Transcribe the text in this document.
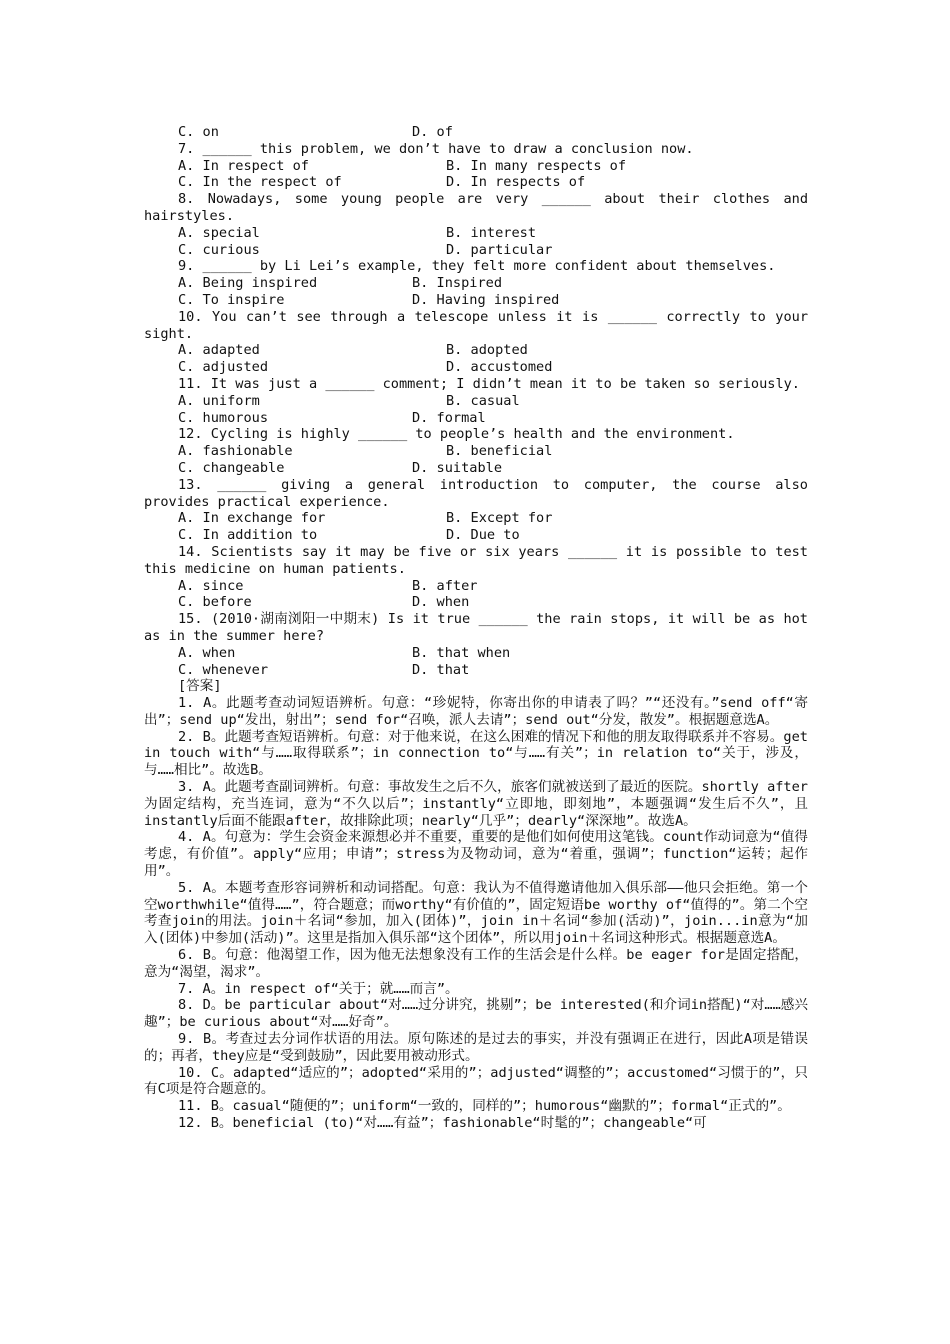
C. on	D. of

7. ______ this problem, we don’t have to draw a conclusion now.

A. In respect of	B. In many respects of
C. In the respect of	D. In respects of

8. Nowadays, some young people are very ______ about their clothes and hairstyles.

A. special	B. interest
C. curious	D. particular

9. ______ by Li Lei’s example, they felt more confident about themselves.

A. Being inspired	B. Inspired
C. To inspire	D. Having inspired

10. You can’t see through a telescope unless it is ______ correctly to your sight.

A. adapted	B. adopted
C. adjusted	D. accustomed

11. It was just a ______ comment; I didn’t mean it to be taken so seriously.

A. uniform	B. casual
C. humorous	D. formal

12. Cycling is highly ______ to people’s health and the environment.

A. fashionable	B. beneficial
C. changeable	D. suitable

13. ______ giving a general introduction to computer, the course also provides practical experience.

A. In exchange for	B. Except for
C. In addition to	D. Due to

14. Scientists say it may be five or six years ______ it is possible to test this medicine on human patients.

A. since	B. after
C. before	D. when

15. (2010·湖南浏阳一中期末) Is it true ______ the rain stops, it will be as hot as in the summer here?

A. when	B. that when
C. whenever	D. that
[答案]

1. A。此题考查动词短语辨析。句意：“珍妮特，你寄出你的申请表了吗？”“还没有。”send off“寄出”；send up“发出，射出”；send for“召唤，派人去请”；send out“分发，散发”。根据题意选A。

2. B。此题考查短语辨析。句意：对于他来说，在这么困难的情况下和他的朋友取得联系并不容易。get in touch with“与……取得联系”；in connection to“与……有关”；in relation to“关于，涉及，与……相比”。故选B。

3. A。此题考查副词辨析。句意：事故发生之后不久，旅客们就被送到了最近的医院。shortly after为固定结构，充当连词，意为“不久以后”；instantly“立即地，即刻地”，本题强调“发生后不久”，且instantly后面不能跟after，故排除此项；nearly“几乎”；dearly“深深地”。故选A。

4. A。句意为：学生会资金来源想必并不重要，重要的是他们如何使用这笔钱。count作动词意为“值得考虑，有价值”。apply“应用；申请”；stress为及物动词，意为“着重，强调”；function“运转；起作用”。

5. A。本题考查形容词辨析和动词搭配。句意：我认为不值得邀请他加入俱乐部——他只会拒绝。第一个空worthwhile“值得……”，符合题意；而worthy“有价值的”，固定短语be worthy of“值得的”。第二个空考查join的用法。join＋名词“参加，加入(团体)”，join in＋名词“参加(活动)”，join...in意为“加入(团体)中参加(活动)”。这里是指加入俱乐部“这个团体”，所以用join＋名词这种形式。根据题意选A。

6. B。句意：他渴望工作，因为他无法想象没有工作的生活会是什么样。be eager for是固定搭配，意为“渴望，渴求”。

7. A。in respect of“关于；就……而言”。

8. D。be particular about“对……过分讲究，挑剔”；be interested(和介词in搭配)“对……感兴趣”；be curious about“对……好奇”。

9. B。考查过去分词作状语的用法。原句陈述的是过去的事实，并没有强调正在进行，因此A项是错误的；再者，they应是“受到鼓励”，因此要用被动形式。

10. C。adapted“适应的”；adopted“采用的”；adjusted“调整的”；accustomed“习惯于的”，只有C项是符合题意的。

11. B。casual“随便的”；uniform“一致的，同样的”；humorous“幽默的”；formal“正式的”。

12. B。beneficial (to)“对……有益”；fashionable“时髦的”；changeable“可
